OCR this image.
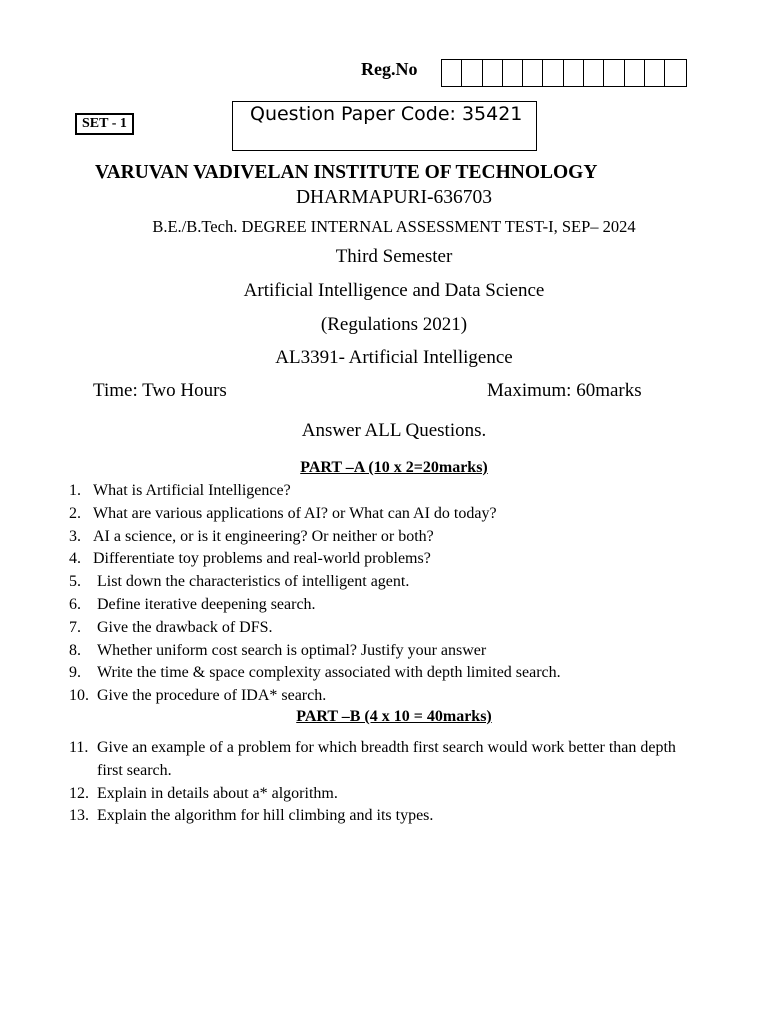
Reg.No
SET - 1	Question Paper Code: 35421
VARUVAN VADIVELAN INSTITUTE OF TECHNOLOGY
DHARMAPURI-636703
B.E./B.Tech. DEGREE INTERNAL ASSESSMENT TEST-I, SEP– 2024
Third Semester
Artificial Intelligence and Data Science
(Regulations 2021)
AL3391- Artificial Intelligence
Time: Two Hours	Maximum: 60marks
Answer ALL Questions.
PART –A (10 x 2=20marks)
1. What is Artificial Intelligence?
2. What are various applications of AI? or What can AI do today?
3. AI a science, or is it engineering? Or neither or both?
4. Differentiate toy problems and real-world problems?
5.	List down the characteristics of intelligent agent.
6.	Define iterative deepening search.
7.	Give the drawback of DFS.
8.	Whether uniform cost search is optimal? Justify your answer
9.	Write the time & space complexity associated with depth limited search.
10. Give the procedure of IDA* search.
PART –B (4 x 10 = 40marks)
11. Give an example of a problem for which breadth first search would work better than depth first search.
12. Explain in details about a* algorithm.
13. Explain the algorithm for hill climbing and its types.
